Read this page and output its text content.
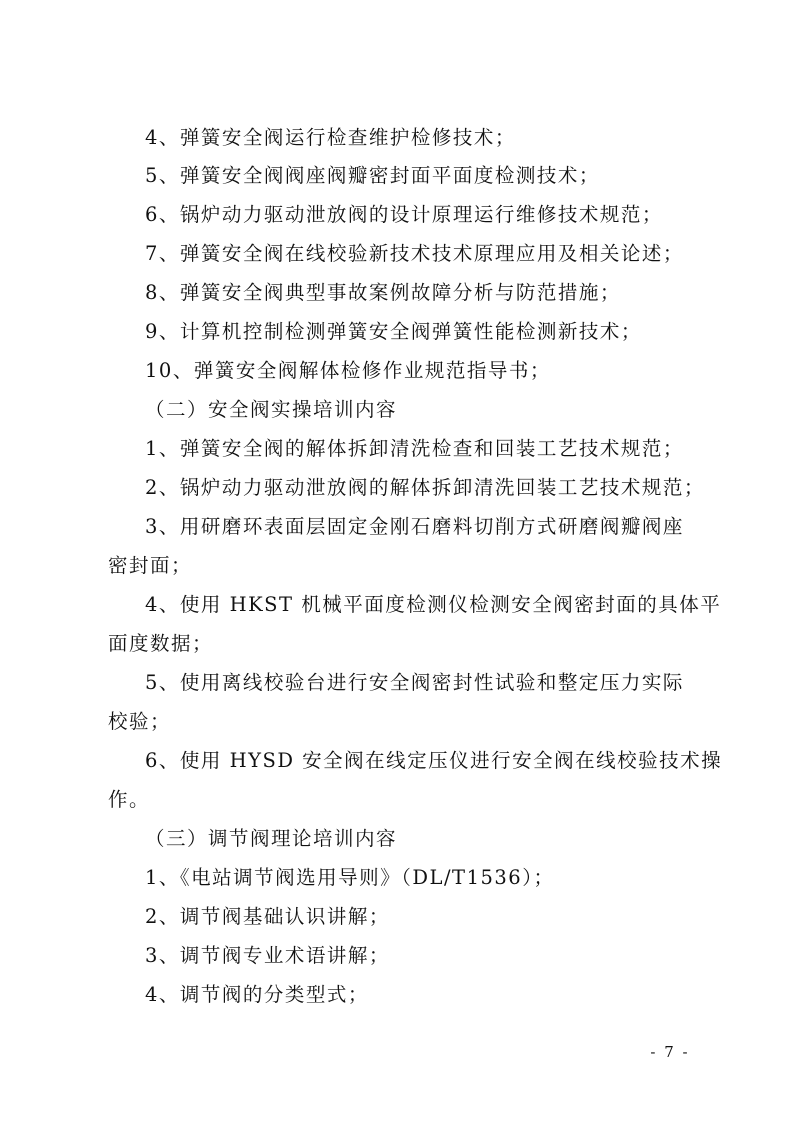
4、弹簧安全阀运行检查维护检修技术；
5、弹簧安全阀阀座阀瓣密封面平面度检测技术；
6、锅炉动力驱动泄放阀的设计原理运行维修技术规范；
7、弹簧安全阀在线校验新技术技术原理应用及相关论述；
8、弹簧安全阀典型事故案例故障分析与防范措施；
9、计算机控制检测弹簧安全阀弹簧性能检测新技术；
10、弹簧安全阀解体检修作业规范指导书；
（二）安全阀实操培训内容
1、弹簧安全阀的解体拆卸清洗检查和回装工艺技术规范；
2、锅炉动力驱动泄放阀的解体拆卸清洗回装工艺技术规范；
3、用研磨环表面层固定金刚石磨料切削方式研磨阀瓣阀座
密封面；
4、使用 HKST 机械平面度检测仪检测安全阀密封面的具体平
面度数据；
5、使用离线校验台进行安全阀密封性试验和整定压力实际
校验；
6、使用 HYSD 安全阀在线定压仪进行安全阀在线校验技术操
作。
（三）调节阀理论培训内容
1、《电站调节阀选用导则》（DL/T1536）；
2、调节阀基础认识讲解；
3、调节阀专业术语讲解；
4、调节阀的分类型式；
- 7 -
